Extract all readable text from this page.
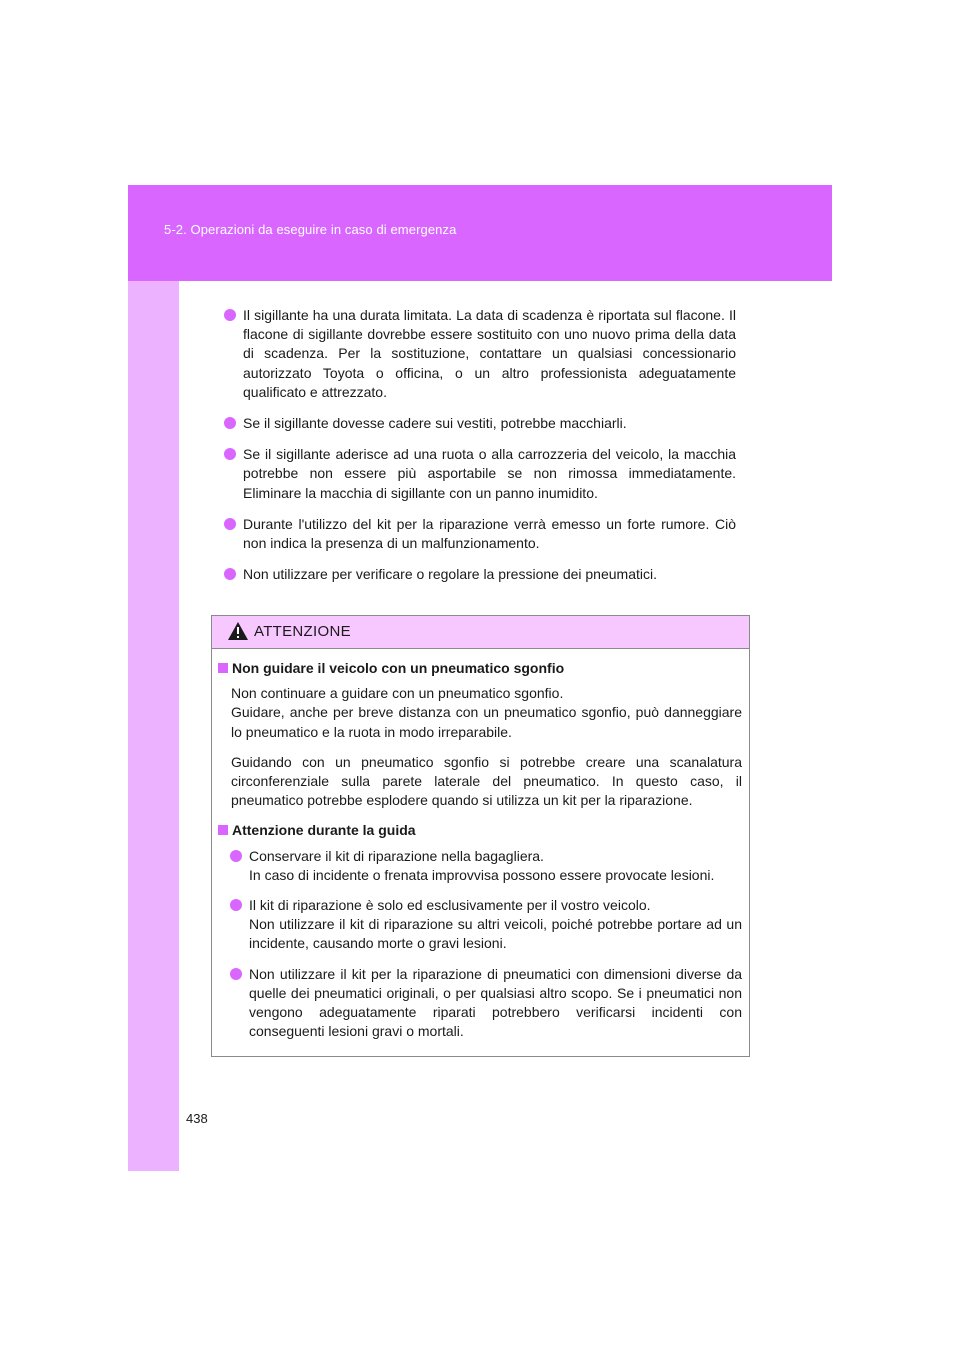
5-2. Operazioni da eseguire in caso di emergenza
438
Il sigillante ha una durata limitata. La data di scadenza è riportata sul flacone. Il flacone di sigillante dovrebbe essere sostituito con uno nuovo prima della data di scadenza. Per la sostituzione, contattare un qualsiasi concessionario autorizzato Toyota o officina, o un altro professionista adeguatamente qualificato e attrezzato.
Se il sigillante dovesse cadere sui vestiti, potrebbe macchiarli.
Se il sigillante aderisce ad una ruota o alla carrozzeria del veicolo, la macchia potrebbe non essere più asportabile se non rimossa immediatamente. Eliminare la macchia di sigillante con un panno inumidito.
Durante l'utilizzo del kit per la riparazione verrà emesso un forte rumore. Ciò non indica la presenza di un malfunzionamento.
Non utilizzare per verificare o regolare la pressione dei pneumatici.
ATTENZIONE
Non guidare il veicolo con un pneumatico sgonfio
Non continuare a guidare con un pneumatico sgonfio.
Guidare, anche per breve distanza con un pneumatico sgonfio, può danneggiare lo pneumatico e la ruota in modo irreparabile.
Guidando con un pneumatico sgonfio si potrebbe creare una scanalatura circonferenziale sulla parete laterale del pneumatico. In questo caso, il pneumatico potrebbe esplodere quando si utilizza un kit per la riparazione.
Attenzione durante la guida
Conservare il kit di riparazione nella bagagliera.
In caso di incidente o frenata improvvisa possono essere provocate lesioni.
Il kit di riparazione è solo ed esclusivamente per il vostro veicolo.
Non utilizzare il kit di riparazione su altri veicoli, poiché potrebbe portare ad un incidente, causando morte o gravi lesioni.
Non utilizzare il kit per la riparazione di pneumatici con dimensioni diverse da quelle dei pneumatici originali, o per qualsiasi altro scopo. Se i pneumatici non vengono adeguatamente riparati potrebbero verificarsi incidenti con conseguenti lesioni gravi o mortali.
